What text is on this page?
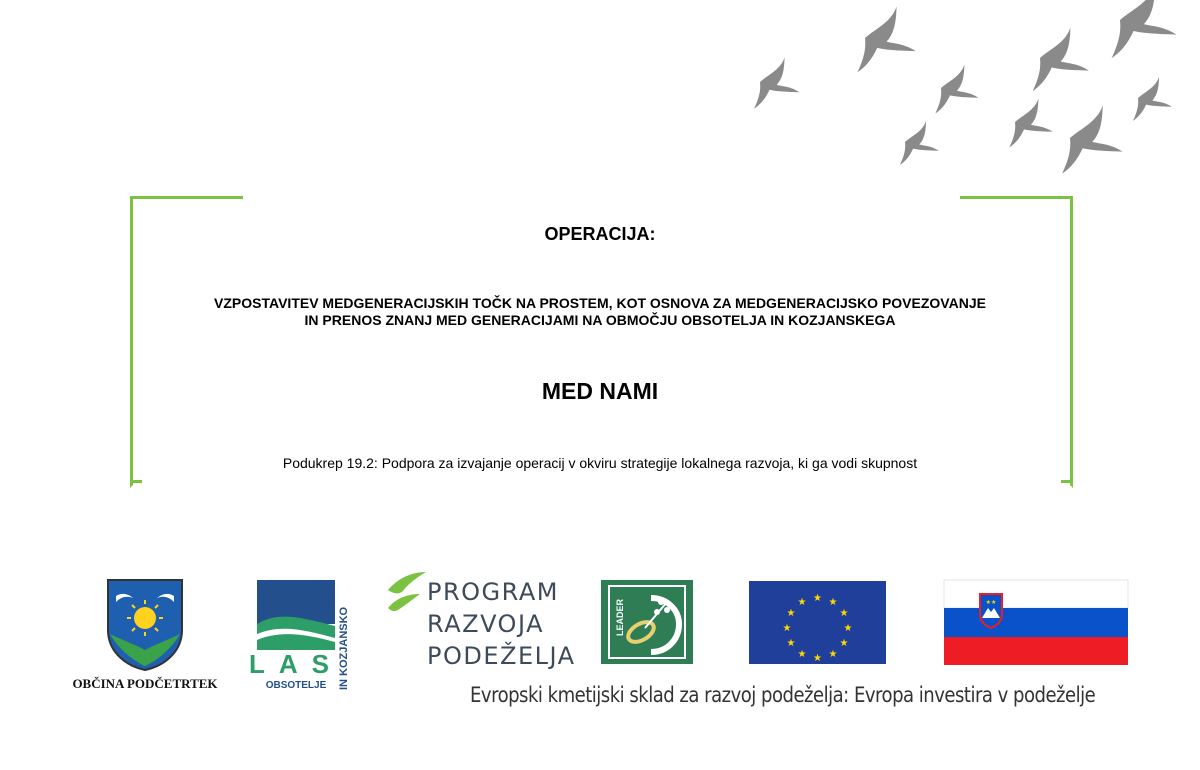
OPERACIJA:
VZPOSTAVITEV MEDGENERACIJSKIH TOČK NA PROSTEM, KOT OSNOVA ZA MEDGENERACIJSKO POVEZOVANJE
IN PRENOS ZNANJ MED GENERACIJAMI NA OBMOČJU OBSOTELJA IN KOZJANSKEGA
MED NAMI
Podukrep 19.2: Podpora za izvajanje operacij v okviru strategije lokalnega razvoja, ki ga vodi skupnost
OBČINA PODČETRTEK
LAS
OBSOTELJE IN KOZJANSKO
PROGRAM
RAZVOJA
PODEŽELJA
LEADER
★ ★
★
★
★
★
★
★
★
★
★
★	★★
Evropski kmetijski sklad za razvoj podeželja: Evropa investira v podeželje
